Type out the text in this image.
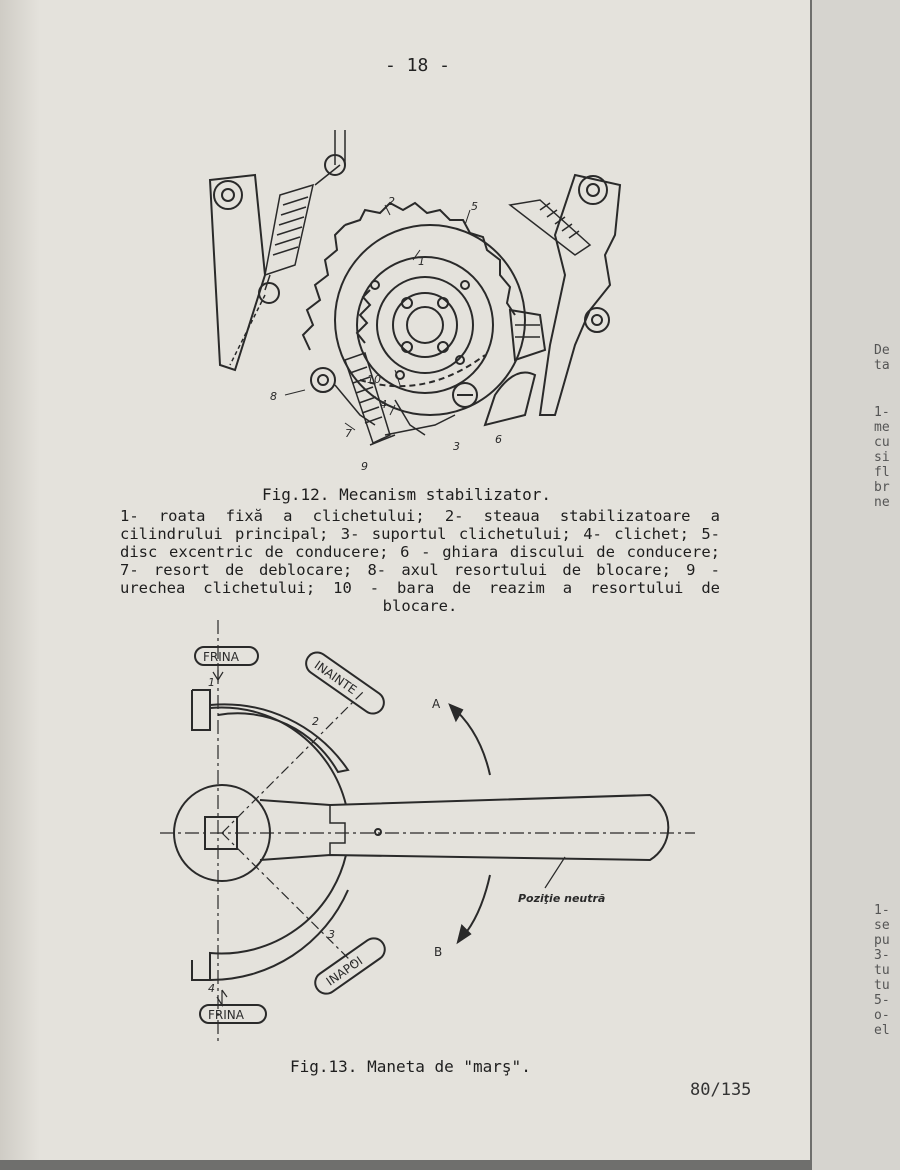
- 18 -
1
2
3
4
5
6
7
8
9
10
Fig.12. Mecanism stabilizator.
1- roata fixă a clichetului; 2- steaua stabilizatoare a cilindrului principal; 3- suportul clichetului; 4- clichet; 5- disc excentric de conducere; 6 - ghiara discului de conducere; 7- resort de deblocare; 8- axul resortului de blocare; 9 - urechea clichetului; 10 - bara de reazim a resortului de blocare.
FRINA
INAINTE
INAPOI
FRINA
A
B
Poziţie neutră
1
2
3
4
Fig.13. Maneta de "marş".
80/135
De
ta
1-
me
cu
si
fl
br
ne
1-
se
pu
3-
tu
tu
5-
o-
el
